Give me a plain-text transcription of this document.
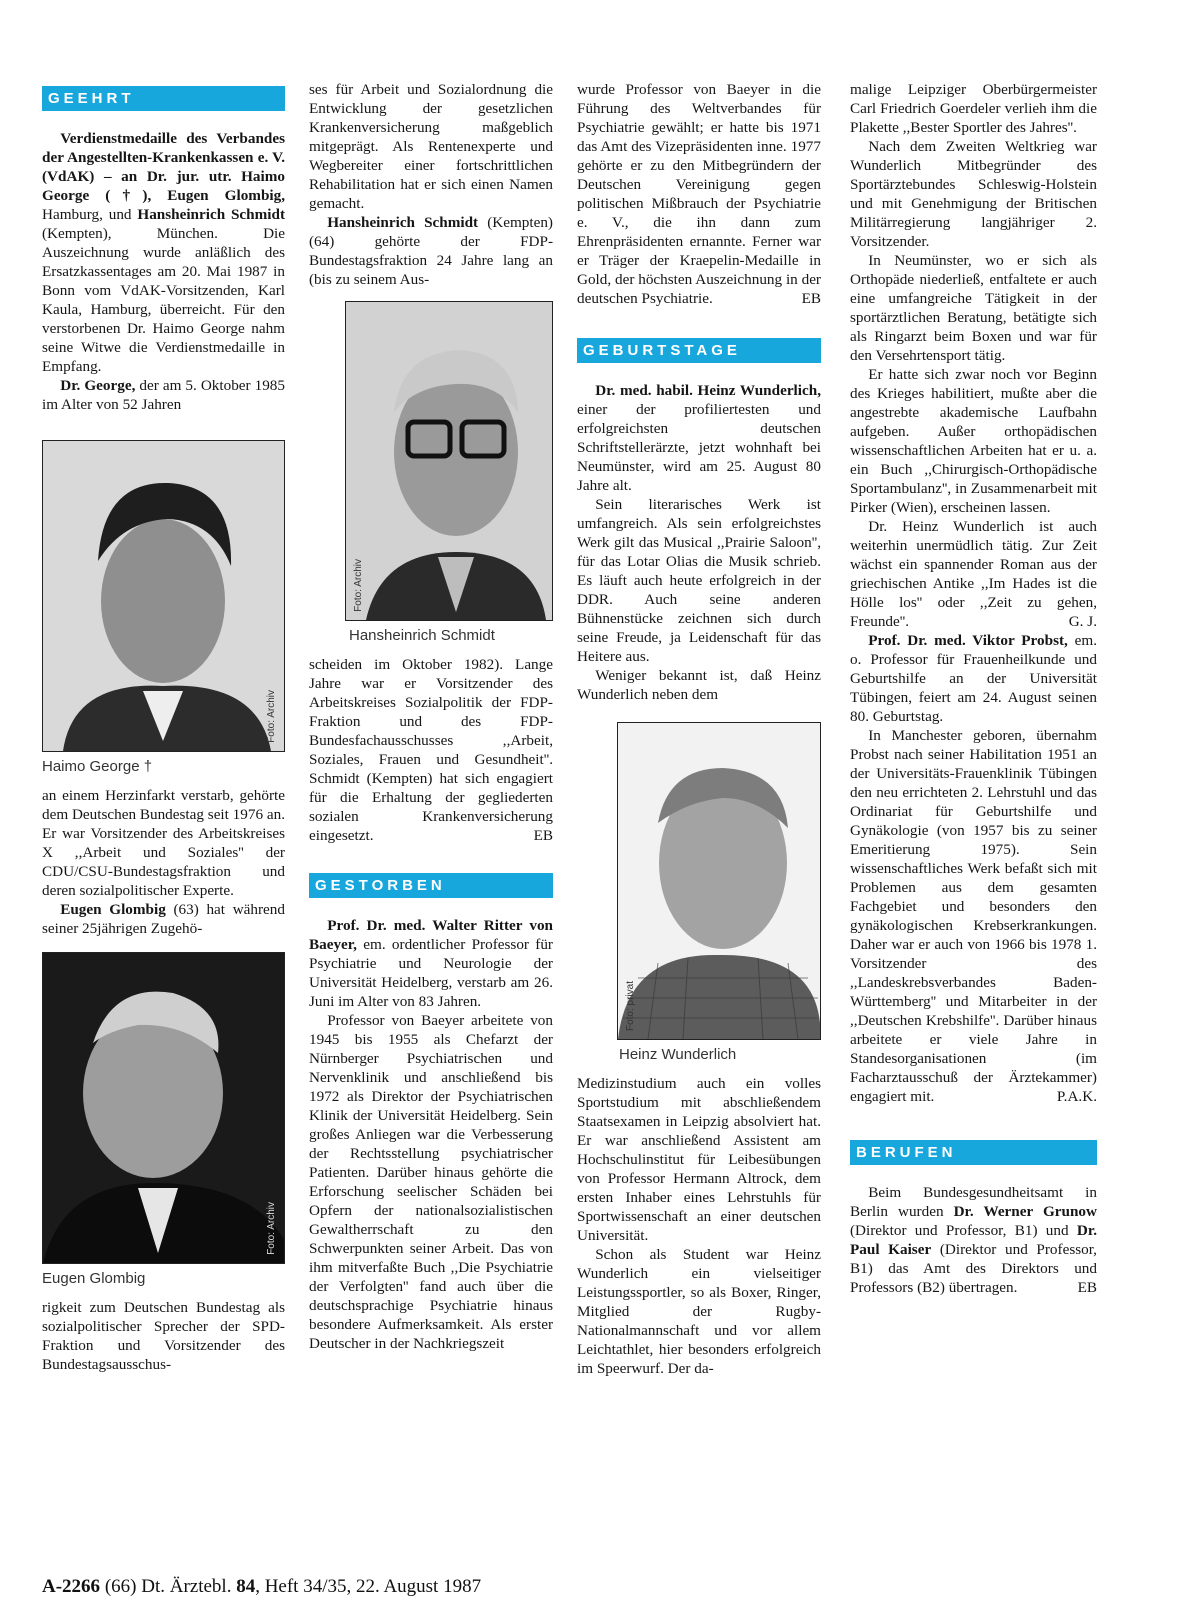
GEEHRT

Verdienstmedaille des Verbandes der Angestellten-Krankenkassen e. V. (VdAK) – an Dr. jur. utr. Haimo George (†), Eugen Glombig, Hamburg, und Hansheinrich Schmidt (Kempten), München. Die Auszeichnung wurde anläßlich des Ersatzkassentages am 20. Mai 1987 in Bonn vom VdAK-Vorsitzenden, Karl Kaula, Hamburg, überreicht. Für den verstorbenen Dr. Haimo George nahm seine Witwe die Verdienstmedaille in Empfang.

Dr. George, der am 5. Oktober 1985 im Alter von 52 Jahren

Foto: Archiv
Haimo George †

an einem Herzinfarkt verstarb, gehörte dem Deutschen Bundestag seit 1976 an. Er war Vorsitzender des Arbeitskreises X ,,Arbeit und Soziales'' der CDU/CSU-Bundestagsfraktion und deren sozialpolitischer Experte.

Eugen Glombig (63) hat während seiner 25jährigen Zugehö-

Foto: Archiv
Eugen Glombig

rigkeit zum Deutschen Bundestag als sozialpolitischer Sprecher der SPD-Fraktion und Vorsitzender des Bundestagsausschus-

ses für Arbeit und Sozialordnung die Entwicklung der gesetzlichen Krankenversicherung maßgeblich mitgeprägt. Als Rentenexperte und Wegbereiter einer fortschrittlichen Rehabilitation hat er sich einen Namen gemacht.

Hansheinrich Schmidt (Kempten) (64) gehörte der FDP-Bundestagsfraktion 24 Jahre lang an (bis zu seinem Aus-

Foto: Archiv
Hansheinrich Schmidt

scheiden im Oktober 1982). Lange Jahre war er Vorsitzender des Arbeitskreises Sozialpolitik der FDP-Fraktion und des FDP-Bundesfachausschusses ,,Arbeit, Soziales, Frauen und Gesundheit''. Schmidt (Kempten) hat sich engagiert für die Erhaltung der gegliederten sozialen Krankenversicherung eingesetzt.	EB

GESTORBEN

Prof. Dr. med. Walter Ritter von Baeyer, em. ordentlicher Professor für Psychiatrie und Neurologie der Universität Heidelberg, verstarb am 26. Juni im Alter von 83 Jahren.

Professor von Baeyer arbeitete von 1945 bis 1955 als Chefarzt der Nürnberger Psychiatrischen und Nervenklinik und anschließend bis 1972 als Direktor der Psychiatrischen Klinik der Universität Heidelberg. Sein großes Anliegen war die Verbesserung der Rechtsstellung psychiatrischer Patienten. Darüber hinaus gehörte die Erforschung seelischer Schäden bei Opfern der nationalsozialistischen Gewaltherrschaft zu den Schwerpunkten seiner Arbeit. Das von ihm mitverfaßte Buch ,,Die Psychiatrie der Verfolgten'' fand auch über die deutschsprachige Psychiatrie hinaus besondere Aufmerksamkeit. Als erster Deutscher in der Nachkriegszeit

wurde Professor von Baeyer in die Führung des Weltverbandes für Psychiatrie gewählt; er hatte bis 1971 das Amt des Vizepräsidenten inne. 1977 gehörte er zu den Mitbegründern der Deutschen Vereinigung gegen politischen Mißbrauch der Psychiatrie e. V., die ihn dann zum Ehrenpräsidenten ernannte. Ferner war er Träger der Kraepelin-Medaille in Gold, der höchsten Auszeichnung in der deutschen Psychiatrie.	EB

GEBURTSTAGE

Dr. med. habil. Heinz Wunderlich, einer der profiliertesten und erfolgreichsten deutschen Schriftstellerärzte, jetzt wohnhaft bei Neumünster, wird am 25. August 80 Jahre alt.

Sein literarisches Werk ist umfangreich. Als sein erfolgreichstes Werk gilt das Musical ,,Prairie Saloon'', für das Lotar Olias die Musik schrieb. Es läuft auch heute erfolgreich in der DDR. Auch seine anderen Bühnenstücke zeichnen sich durch seine Freude, ja Leidenschaft für das Heitere aus.

Weniger bekannt ist, daß Heinz Wunderlich neben dem

Foto: privat
Heinz Wunderlich

Medizinstudium auch ein volles Sportstudium mit abschließendem Staatsexamen in Leipzig absolviert hat. Er war anschließend Assistent am Hochschulinstitut für Leibesübungen von Professor Hermann Altrock, dem ersten Inhaber eines Lehrstuhls für Sportwissenschaft an einer deutschen Universität.

Schon als Student war Heinz Wunderlich ein vielseitiger Leistungssportler, so als Boxer, Ringer, Mitglied der Rugby-Nationalmannschaft und vor allem Leichtathlet, hier besonders erfolgreich im Speerwurf. Der da-

malige Leipziger Oberbürgermeister Carl Friedrich Goerdeler verlieh ihm die Plakette ,,Bester Sportler des Jahres''.

Nach dem Zweiten Weltkrieg war Wunderlich Mitbegründer des Sportärztebundes Schleswig-Holstein und mit Genehmigung der Britischen Militärregierung langjähriger 2. Vorsitzender.

In Neumünster, wo er sich als Orthopäde niederließ, entfaltete er auch eine umfangreiche Tätigkeit in der sportärztlichen Beratung, betätigte sich als Ringarzt beim Boxen und war für den Versehrtensport tätig.

Er hatte sich zwar noch vor Beginn des Krieges habilitiert, mußte aber die angestrebte akademische Laufbahn aufgeben. Außer orthopädischen wissenschaftlichen Arbeiten hat er u. a. ein Buch ,,Chirurgisch-Orthopädische Sportambulanz'', in Zusammenarbeit mit Pirker (Wien), erscheinen lassen.

Dr. Heinz Wunderlich ist auch weiterhin unermüdlich tätig. Zur Zeit wächst ein spannender Roman aus der griechischen Antike ,,Im Hades ist die Hölle los'' oder ,,Zeit zu gehen, Freunde''.	G. J.

Prof. Dr. med. Viktor Probst, em. o. Professor für Frauenheilkunde und Geburtshilfe an der Universität Tübingen, feiert am 24. August seinen 80. Geburtstag.

In Manchester geboren, übernahm Probst nach seiner Habilitation 1951 an der Universitäts-Frauenklinik Tübingen den neu errichteten 2. Lehrstuhl und das Ordinariat für Geburtshilfe und Gynäkologie (von 1957 bis zu seiner Emeritierung 1975). Sein wissenschaftliches Werk befaßt sich mit Problemen aus dem gesamten Fachgebiet und besonders den gynäkologischen Krebserkrankungen. Daher war er auch von 1966 bis 1978 1. Vorsitzender des ,,Landeskrebsverbandes Baden-Württemberg'' und Mitarbeiter in der ,,Deutschen Krebshilfe''. Darüber hinaus arbeitete er viele Jahre in Standesorganisationen (im Facharztausschuß der Ärztekammer) engagiert mit.	P.A.K.

BERUFEN

Beim Bundesgesundheitsamt in Berlin wurden Dr. Werner Grunow (Direktor und Professor, B1) und Dr. Paul Kaiser (Direktor und Professor, B1) das Amt des Direktors und Professors (B2) übertragen.	EB

A-2266 (66) Dt. Ärztebl. 84, Heft 34/35, 22. August 1987
